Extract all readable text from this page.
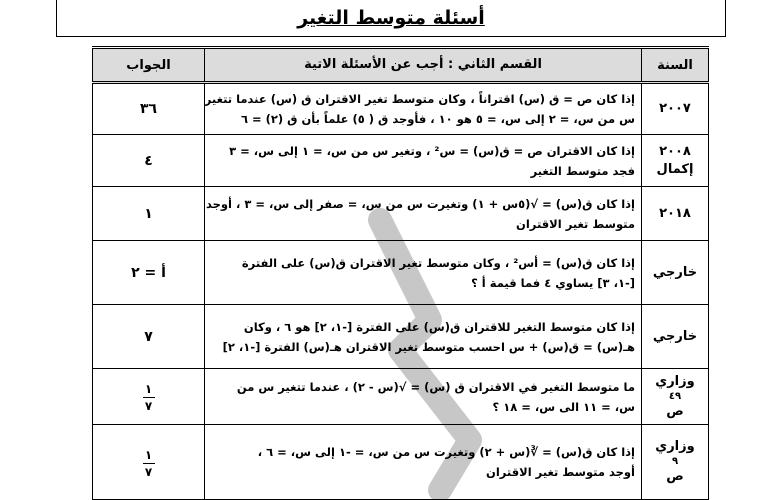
أسئلة متوسط التغير
السنة	القسم الثاني : أجب عن الأسئلة الاتية	الجواب

٢٠٠٧	إذا كان ص = ق (س) اقتراناً ، وكان متوسط تغير الاقتران ق (س) عندما تتغير
س من س، = ٢ إلى س، = ٥ هو ١٠ ، فأوجد ق ( ٥) علماً بأن ق (٢) = ٦	٣٦

٢٠٠٨
إكمال	إذا كان الاقتران ص = ق(س) = س² ، وتغير س من س، = ١ إلى س، = ٣
فجد متوسط التغير	٤

٢٠١٨	إذا كان ق(س) = √(٥س + ١) وتغيرت س من س، = صفر إلى س، = ٣ ، أوجد
متوسط تغير الاقتران	١

خارجي	إذا كان ق(س) = أس² ، وكان متوسط تغير الاقتران ق(س) على الفترة
[-١، ٣] يساوي ٤ فما قيمة أ ؟	أ = ٢

خارجي	إذا كان متوسط التغير للاقتران ق(س) على الفترة [-١، ٢] هو ٦ ، وكان
هـ(س) = ق(س) + س احسب متوسط تغير الاقتران هـ(س) الفترة [-١، ٢]	٧

وزاري
٤٩
ص	ما متوسط التغير في الاقتران ق (س) = √(س - ٢) ، عندما تتغير س من
س، = ١١ الى س، = ١٨ ؟	$\frac{١}{٧}$

وزاري
٩
ص	إذا كان ق(س) = ∛(س + ٢) وتغيرت س من س، = -١ إلى س، = ٦ ،
أوجد متوسط تغير الاقتران	$\frac{١}{٧}$
